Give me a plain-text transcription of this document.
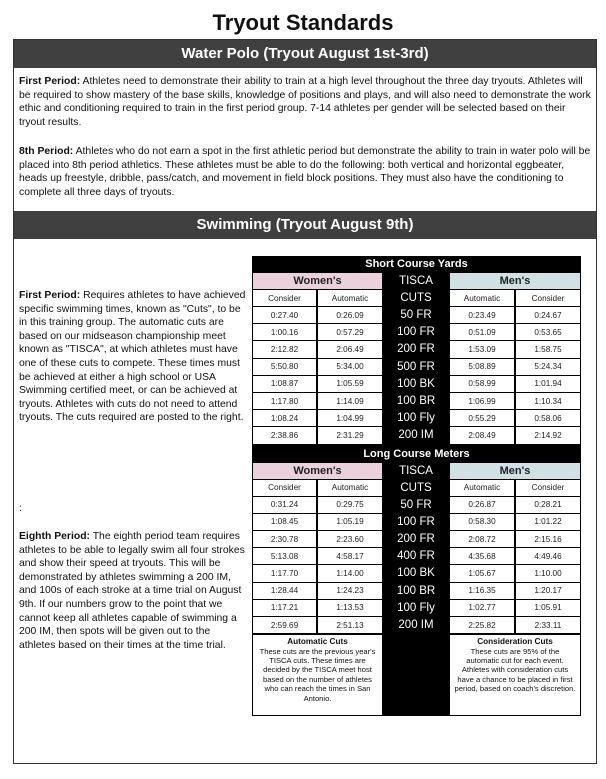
Tryout Standards
Water Polo (Tryout August 1st-3rd)
First Period: Athletes need to demonstrate their ability to train at a high level throughout the three day tryouts. Athletes will be required to show mastery of the base skills, knowledge of positions and plays, and will also need to demonstrate the work ethic and conditioning required to train in the first period group. 7-14 athletes per gender will be selected based on their tryout results.
8th Period: Athletes who do not earn a spot in the first athletic period but demonstrate the ability to train in water polo will be placed into 8th period athletics. These athletes must be able to do the following: both vertical and horizontal eggbeater, heads up freestyle, dribble, pass/catch, and movement in field block positions. They must also have the conditioning to complete all three days of tryouts.
Swimming (Tryout August 9th)
First Period: Requires athletes to have achieved specific swimming times, known as "Cuts", to be in this training group. The automatic cuts are based on our midseason championship meet known as "TISCA", at which athletes must have one of these cuts to compete. These times must be achieved at either a high school or USA Swimming certified meet, or can be achieved at tryouts. Athletes with cuts do not need to attend tryouts. The cuts required are posted to the right.
:
Eighth Period: The eighth period team requires athletes to be able to legally swim all four strokes and show their speed at tryouts. This will be demonstrated by athletes swimming a 200 IM, and 100s of each stroke at a time trial on August 9th. If our numbers grow to the point that we cannot keep all athletes capable of swimming a 200 IM, then spots will be given out to the athletes based on their times at the time trial.
Short Course Yards
Women's	TISCA	Men's
Consider	Automatic	CUTS	Automatic	Consider
0:27.40	0:26.09	50 FR	0:23.49	0:24.67
1:00.16	0:57.29	100 FR	0:51.09	0:53.65
2:12.82	2:06.49	200 FR	1:53.09	1:58.75
5:50.80	5:34.00	500 FR	5:08.89	5:24.34
1:08.87	1:05.59	100 BK	0:58.99	1:01.94
1:17.80	1:14.09	100 BR	1:06.99	1:10.34
1:08.24	1:04.99	100 Fly	0:55.29	0:58.06
2:38.86	2:31.29	200 IM	2:08.49	2:14.92
Long Course Meters
Women's	TISCA	Men's
Consider	Automatic	CUTS	Automatic	Consider
0:31.24	0:29.75	50 FR	0:26.87	0:28.21
1:08.45	1:05.19	100 FR	0:58.30	1:01.22
2:30.78	2:23.60	200 FR	2:08.72	2:15.16
5:13.08	4:58.17	400 FR	4:35.68	4:49.46
1:17.70	1:14.00	100 BK	1:05.67	1:10.00
1:28.44	1:24.23	100 BR	1:16.35	1:20.17
1:17.21	1:13.53	100 Fly	1:02.77	1:05.91
2:59.69	2:51.13	200 IM	2:25.82	2:33.11
Automatic Cuts
These cuts are the previous year's TISCA cuts. These times are decided by the TISCA meet host based on the number of athletes who can reach the times in San Antonio.
Consideration Cuts
These cuts are 95% of the automatic cut for each event. Athletes with consideration cuts have a chance to be placed in first period, based on coach's discretion.
